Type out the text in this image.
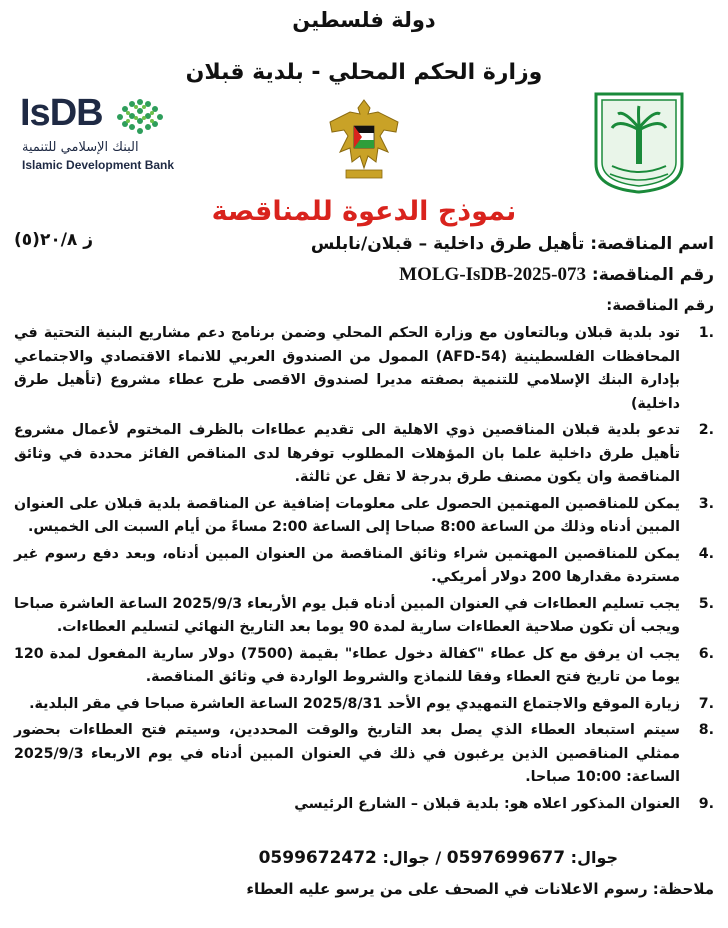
دولة فلسطين
وزارة الحكم المحلي - بلدية قبلان
IsDB
البنك الإسلامي للتنمية
Islamic Development Bank
نموذج الدعوة للمناقصة
ز ٢٠/٨(٥)	اسم المناقصة: تأهيل طرق داخلية – قبلان/نابلس
رقم المناقصة: MOLG-IsDB-2025-073
رقم المناقصة:
.1
تود بلدية قبلان وبالتعاون مع وزارة الحكم المحلي وضمن برنامج دعم مشاريع البنية التحتية في المحافظات الفلسطينية (AFD-54) الممول من الصندوق العربي للانماء الاقتصادي والاجتماعي بإدارة البنك الإسلامي للتنمية بصفته مديرا لصندوق الاقصى طرح عطاء مشروع (تأهيل طرق داخلية)
.2
تدعو بلدية قبلان المناقصين ذوي الاهلية الى تقديم عطاءات بالظرف المختوم لأعمال مشروع تأهيل طرق داخلية علما بان المؤهلات المطلوب توفرها لدى المناقص الفائز محددة في وثائق المناقصة وان يكون مصنف طرق بدرجة لا تقل عن ثالثة.
.3
يمكن للمناقصين المهتمين الحصول على معلومات إضافية عن المناقصة بلدية قبلان على العنوان المبين أدناه وذلك من الساعة 8:00 صباحا إلى الساعة 2:00 مساءً من أيام السبت الى الخميس.
.4
يمكن للمناقصين المهتمين شراء وثائق المناقصة من العنوان المبين أدناه، وبعد دفع رسوم غير مستردة مقدارها 200 دولار أمريكي.
.5
يجب تسليم العطاءات في العنوان المبين أدناه قبل يوم الأربعاء 2025/9/3 الساعة العاشرة صباحا ويجب أن تكون صلاحية العطاءات سارية لمدة 90 يوما بعد التاريخ النهائي لتسليم العطاءات.
.6
يجب ان يرفق مع كل عطاء "كفالة دخول عطاء" بقيمة (7500) دولار سارية المفعول لمدة 120 يوما من تاريخ فتح العطاء وفقا للنماذج والشروط الواردة في وثائق المناقصة.
.7
زيارة الموقع والاجتماع التمهيدي يوم الأحد 2025/8/31 الساعة العاشرة صباحا في مقر البلدية.
.8
سيتم استبعاد العطاء الذي يصل بعد التاريخ والوقت المحددين، وسيتم فتح العطاءات بحضور ممثلي المناقصين الذين يرغبون في ذلك في العنوان المبين أدناه في يوم الاربعاء 2025/9/3 الساعة: 10:00 صباحا.
.9
العنوان المذكور اعلاه هو: بلدية قبلان – الشارع الرئيسي
جوال: 0597699677 / جوال: 0599672472
ملاحظة: رسوم الاعلانات في الصحف على من يرسو عليه العطاء
